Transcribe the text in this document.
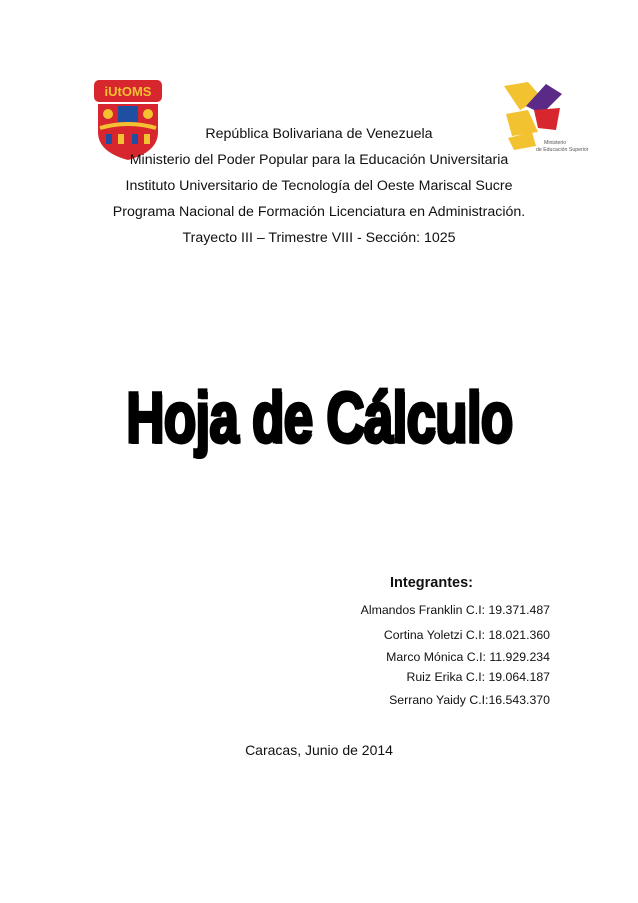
iUtOMS
Ministerio
de Educación Superior
República Bolivariana de Venezuela
Ministerio del Poder Popular para la Educación Universitaria
Instituto Universitario de Tecnología del Oeste Mariscal Sucre
Programa Nacional de Formación Licenciatura en Administración.
Trayecto III – Trimestre VIII - Sección: 1025
Hoja de Cálculo
Integrantes:
Almandos Franklin C.I: 19.371.487
Cortina Yoletzi C.I: 18.021.360
Marco Mónica C.I: 11.929.234
Ruiz Erika C.I: 19.064.187
Serrano Yaidy C.I:16.543.370
Caracas, Junio de 2014
